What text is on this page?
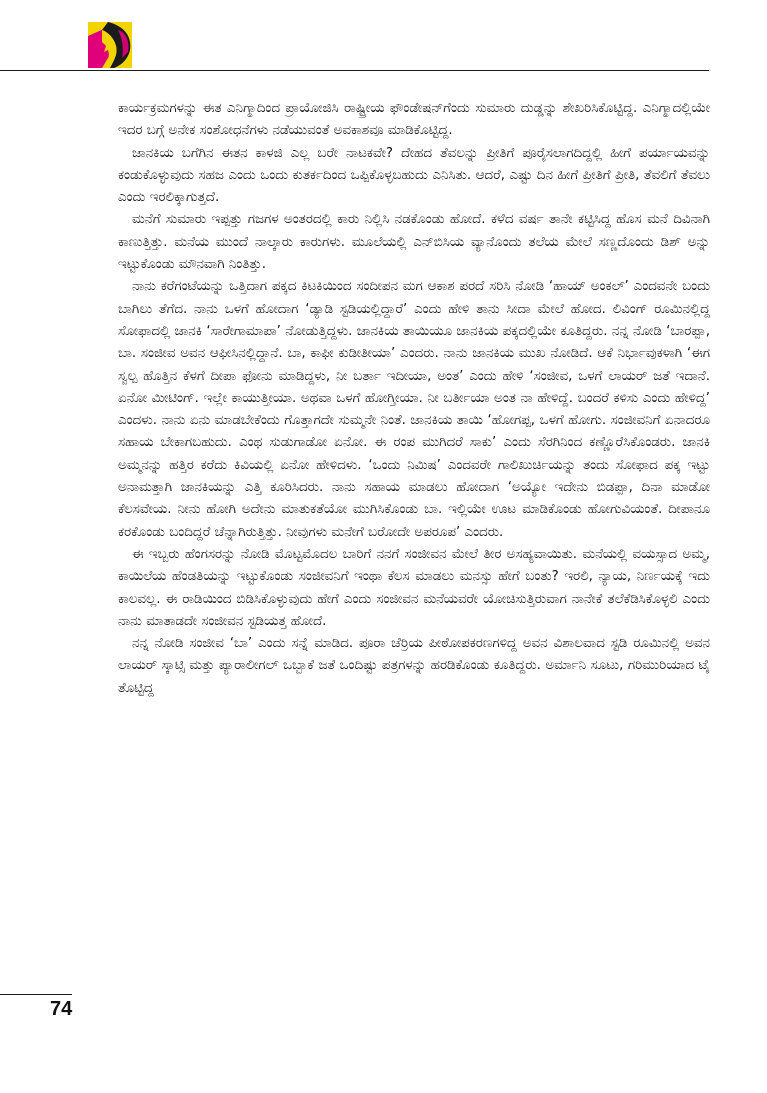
ಕಾರ್ಯಕ್ರಮಗಳನ್ನು ಈತ ಎನಿಗ್ಮಾದಿಂದ ಪ್ರಾಯೋಜಿಸಿ ರಾಷ್ಟ್ರೀಯ ಫೌಂಡೇಷನ್‌ಗೆಂದು ಸುಮಾರು ದುಡ್ಡನ್ನು ಶೇಖರಿಸಿಕೊಟ್ಟಿದ್ದ. ಎನಿಗ್ಮಾದಲ್ಲಿಯೇ ಇದರ ಬಗ್ಗೆ ಅನೇಕ ಸಂಶೋಧನೆಗಳು ನಡೆಯುವಂತೆ ಅವಕಾಶವೂ ಮಾಡಿಕೊಟ್ಟಿದ್ದ.

ಜಾನಕಿಯ ಬಗೆಗಿನ ಈತನ ಕಾಳಜಿ ಎಲ್ಲ ಬರೇ ನಾಟಕವೇ? ದೇಹದ ತೆವಲನ್ನು ಪ್ರೀತಿಗೆ ಪೂರೈಸಲಾಗದಿದ್ದಲ್ಲಿ ಹೀಗೆ ಪರ್ಯಾಯವನ್ನು ಕಂಡುಕೊಳ್ಳುವುದು ಸಹಜ ಎಂದು ಒಂದು ಕುತರ್ಕದಿಂದ ಒಪ್ಪಿಕೊಳ್ಳಬಹುದು ಎನಿಸಿತು. ಆದರೆ, ಎಷ್ಟು ದಿನ ಹೀಗೆ ಪ್ರೀತಿಗೆ ಪ್ರೀತಿ, ತೆವಲಿಗೆ ತೆವಲು ಎಂದು ಇರಲಿಕ್ಕಾಗುತ್ತದೆ.

ಮನೆಗೆ ಸುಮಾರು ಇಪ್ಪತ್ತು ಗಜಗಳ ಅಂತರದಲ್ಲಿ ಕಾರು ನಿಲ್ಲಿಸಿ ನಡಕೊಂಡು ಹೋದೆ. ಕಳೆದ ವರ್ಷ ತಾನೇ ಕಟ್ಟಿಸಿದ್ದ ಹೊಸ ಮನೆ ದಿವಿನಾಗಿ ಕಾಣುತ್ತಿತ್ತು. ಮನೆಯ ಮುಂದೆ ನಾಲ್ಕಾರು ಕಾರುಗಳು. ಮೂಲೆಯಲ್ಲಿ ಎನ್‌ಬಿಸಿಯ ವ್ಯಾನೊಂದು ತಲೆಯ ಮೇಲೆ ಸಣ್ಣದೊಂದು ಡಿಶ್ ಅನ್ನು ಇಟ್ಟುಕೊಂಡು ಮೌನವಾಗಿ ನಿಂತಿತ್ತು.

ನಾನು ಕರೆಗಂಟೆಯನ್ನು ಒತ್ತಿದಾಗ ಪಕ್ಕದ ಕಿಟಕಿಯಿಂದ ಸಂದೀಪನ ಮಗ ಆಕಾಶ ಪರದೆ ಸರಿಸಿ ನೋಡಿ ‘ಹಾಯ್ ಅಂಕಲ್’ ಎಂದವನೇ ಬಂದು ಬಾಗಿಲು ತೆಗೆದ. ನಾನು ಒಳಗೆ ಹೋದಾಗ ‘ಡ್ಯಾಡಿ ಸ್ಟಡಿಯಲ್ಲಿದ್ದಾರೆ’ ಎಂದು ಹೇಳಿ ತಾನು ಸೀದಾ ಮೇಲೆ ಹೋದ. ಲಿವಿಂಗ್ ರೂಮಿನಲ್ಲಿದ್ದ ಸೋಫಾದಲ್ಲಿ ಜಾನಕಿ ‘ಸಾರೇಗಾಮಾಪಾ’ ನೋಡುತ್ತಿದ್ದಳು. ಜಾನಕಿಯ ತಾಯಿಯೂ ಜಾನಕಿಯ ಪಕ್ಕದಲ್ಲಿಯೇ ಕೂತಿದ್ದರು. ನನ್ನ ನೋಡಿ ‘ಬಾರಪ್ಪಾ, ಬಾ. ಸಂಜೀವ ಅವನ ಆಫೀಸಿನಲ್ಲಿದ್ದಾನೆ. ಬಾ, ಕಾಫೀ ಕುಡೀತೀಯಾ’ ಎಂದರು. ನಾನು ಜಾನಕಿಯ ಮುಖ ನೋಡಿದೆ. ಆಕೆ ನಿರ್ಭಾವುಕಳಾಗಿ ‘ಈಗ ಸ್ವಲ್ಪ ಹೊತ್ತಿನ ಕೆಳಗೆ ದೀಪಾ ಫೋನು ಮಾಡಿದ್ದಳು, ನೀ ಬರ್ತಾ ಇದೀಯಾ, ಅಂತ’ ಎಂದು ಹೇಳಿ ‘ಸಂಜೀವ, ಒಳಗೆ ಲಾಯರ್ ಜತೆ ಇದಾನೆ. ಏನೋ ಮೀಟಿಂಗ್. ಇಲ್ಲೇ ಕಾಯುತ್ತೀಯಾ. ಅಥವಾ ಒಳಗೆ ಹೋಗ್ತೀಯಾ. ನೀ ಬರ್ತೀಯಾ ಅಂತ ನಾ ಹೇಳಿದ್ದೆ. ಬಂದರೆ ಕಳಿಸು ಎಂದು ಹೇಳಿದ್ದ’ ಎಂದಳು. ನಾನು ಏನು ಮಾಡಬೇಕೆಂದು ಗೊತ್ತಾಗದೇ ಸುಮ್ಮನೇ ನಿಂತೆ. ಜಾನಕಿಯ ತಾಯಿ ‘ಹೋಗಪ್ಪ, ಒಳಗೆ ಹೋಗು. ಸಂಜೀವನಿಗೆ ಏನಾದರೂ ಸಹಾಯ ಬೇಕಾಗಬಹುದು. ಎಂಥ ಸುಡುಗಾಡೋ ಏನೋ. ಈ ರಂಪ ಮುಗಿದರೆ ಸಾಕು’ ಎಂದು ಸೆರಗಿನಿಂದ ಕಣ್ಣೊರೆಸಿಕೊಂಡರು. ಜಾನಕಿ ಅಮ್ಮನನ್ನು ಹತ್ತಿರ ಕರೆದು ಕಿವಿಯಲ್ಲಿ ಏನೋ ಹೇಳಿದಳು. ‘ಒಂದು ನಿಮಿಷ’ ಎಂದವರೇ ಗಾಲಿಖುರ್ಚಿಯನ್ನು ತಂದು ಸೋಫಾದ ಪಕ್ಕ ಇಟ್ಟು ಅನಾಮತ್ತಾಗಿ ಜಾನಕಿಯನ್ನು ಎತ್ತಿ ಕೂರಿಸಿದರು. ನಾನು ಸಹಾಯ ಮಾಡಲು ಹೋದಾಗ ‘ಅಯ್ಯೋ ಇದೇನು ಬಿಡಪ್ಪಾ, ದಿನಾ ಮಾಡೋ ಕೆಲಸವೇಯ. ನೀನು ಹೋಗಿ ಅದೇನು ಮಾತುಕತೆಯೋ ಮುಗಿಸಿಕೊಂಡು ಬಾ. ಇಲ್ಲಿಯೇ ಊಟ ಮಾಡಿಕೊಂಡು ಹೋಗುವಿಯಂತೆ. ದೀಪಾನೂ ಕರಕೊಂಡು ಬಂದಿದ್ದರೆ ಚೆನ್ನಾಗಿರುತ್ತಿತ್ತು. ನೀವುಗಳು ಮನೇಗೆ ಬರೋದೇ ಅಪರೂಪ’ ಎಂದರು.

ಈ ಇಬ್ಬರು ಹೆಂಗಸರನ್ನು ನೋಡಿ ಮೊಟ್ಟಮೊದಲ ಬಾರಿಗೆ ನನಗೆ ಸಂಜೀವನ ಮೇಲೆ ತೀರ ಅಸಹ್ಯವಾಯಿತು. ಮನೆಯಲ್ಲಿ ವಯಸ್ಸಾದ ಅಮ್ಮ, ಕಾಯಿಲೆಯ ಹೆಂಡತಿಯನ್ನು ಇಟ್ಟುಕೊಂಡು ಸಂಜೀವನಿಗೆ ಇಂಥಾ ಕೆಲಸ ಮಾಡಲು ಮನಸ್ಸು ಹೇಗೆ ಬಂತು? ಇರಲಿ, ನ್ಯಾಯ, ನಿರ್ಣಯಕ್ಕೆ ಇದು ಕಾಲವಲ್ಲ. ಈ ರಾಡಿಯಿಂದ ಬಿಡಿಸಿಕೊಳ್ಳುವುದು ಹೇಗೆ ಎಂದು ಸಂಜೀವನ ಮನೆಯವರೇ ಯೋಚಿಸುತ್ತಿರುವಾಗ ನಾನೇಕೆ ತಲೆಕೆಡಿಸಿಕೊಳ್ಳಲಿ ಎಂದು ನಾನು ಮಾತಾಡದೇ ಸಂಜೀವನ ಸ್ಟಡಿಯತ್ತ ಹೋದೆ.

ನನ್ನ ನೋಡಿ ಸಂಜೀವ ‘ಬಾ’ ಎಂದು ಸನ್ನೆ ಮಾಡಿದ. ಪೂರಾ ಚೆರ್‍ರಿಯ ಪೀಠೋಪಕರಣಗಳಿದ್ದ ಅವನ ವಿಶಾಲವಾದ ಸ್ಟಡಿ ರೂಮಿನಲ್ಲಿ ಅವನ ಲಾಯರ್ ಸ್ಕಾಟ್ಸಿ ಮತ್ತು ಪ್ಯಾರಾಲೀಗಲ್ ಒಬ್ಬಾಕೆ ಜತೆ ಒಂದಿಷ್ಟು ಪತ್ರಗಳನ್ನು ಹರಡಿಕೊಂಡು ಕೂತಿದ್ದರು. ಅರ್ಮಾನಿ ಸೂಟು, ಗರಿಮುರಿಯಾದ ಟೈ ತೊಟ್ಟಿದ್ದ

74
